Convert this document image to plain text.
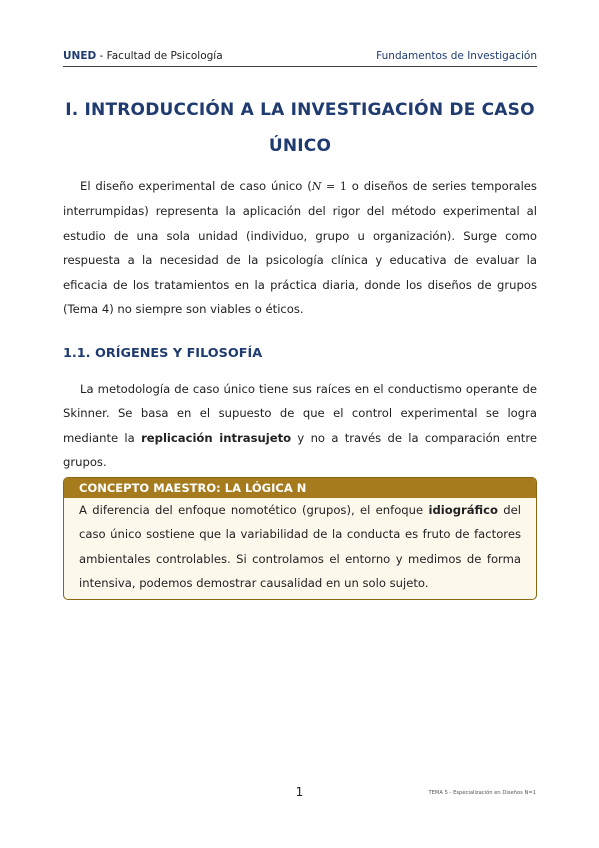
UNED - Facultad de Psicología	Fundamentos de Investigación
I. INTRODUCCIÓN A LA INVESTIGACIÓN DE CASO
ÚNICO

El diseño experimental de caso único (N = 1 o diseños de series temporales interrumpidas) representa la aplicación del rigor del método experimental al estudio de una sola unidad (individuo, grupo u organización). Surge como respuesta a la necesidad de la psicología clínica y educativa de evaluar la eficacia de los tratamientos en la práctica diaria, donde los diseños de grupos (Tema 4) no siempre son viables o éticos.

1.1. ORÍGENES Y FILOSOFÍA

La metodología de caso único tiene sus raíces en el conductismo operante de Skinner. Se basa en el supuesto de que el control experimental se logra mediante la replicación intrasujeto y no a través de la comparación entre grupos.

CONCEPTO MAESTRO: LA LÓGICA N
A diferencia del enfoque nomotético (grupos), el enfoque idiográfico del caso único sostiene que la variabilidad de la conducta es fruto de factores ambientales controlables. Si controlamos el entorno y medimos de forma intensiva, podemos demostrar causalidad en un solo sujeto.
1	TEMA 5 - Especialización en Diseños N=1
